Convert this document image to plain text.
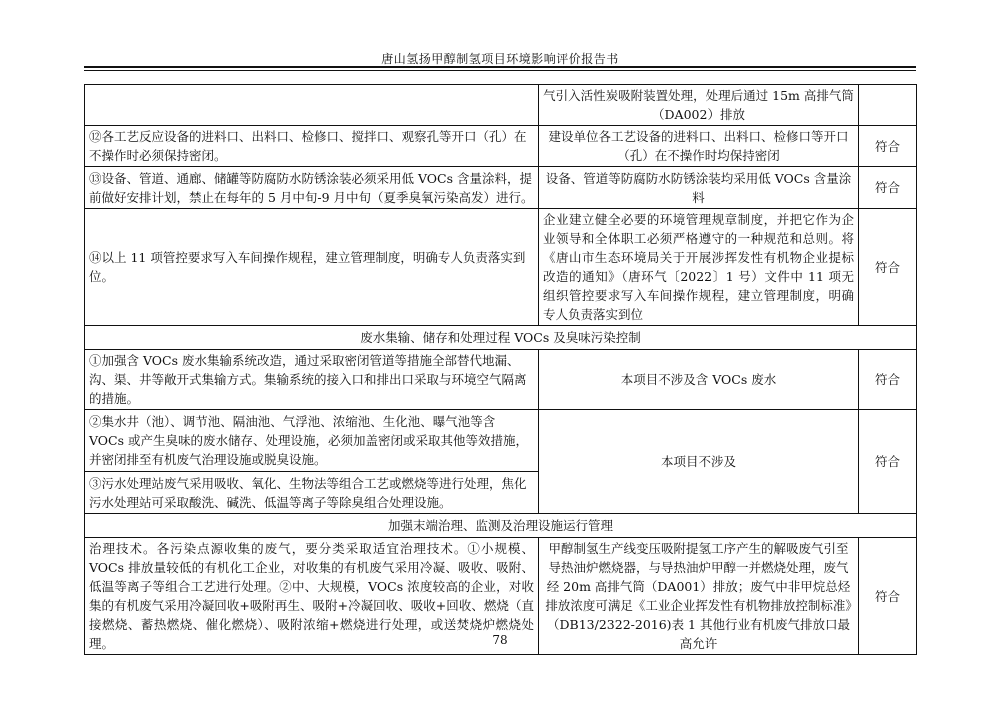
唐山氢扬甲醇制氢项目环境影响评价报告书
	气引入活性炭吸附装置处理，处理后通过 15m 高排气筒（DA002）排放	
⑫各工艺反应设备的进料口、出料口、检修口、搅拌口、观察孔等开口（孔）在不操作时必须保持密闭。	建设单位各工艺设备的进料口、出料口、检修口等开口（孔）在不操作时均保持密闭	符合
⑬设备、管道、通廊、储罐等防腐防水防锈涂装必须采用低 VOCs 含量涂料，提前做好安排计划，禁止在每年的 5 月中旬-9 月中旬（夏季臭氧污染高发）进行。	设备、管道等防腐防水防锈涂装均采用低 VOCs 含量涂料	符合
⑭以上 11 项管控要求写入车间操作规程，建立管理制度，明确专人负责落实到位。	企业建立健全必要的环境管理规章制度，并把它作为企业领导和全体职工必须严格遵守的一种规范和总则。将《唐山市生态环境局关于开展涉挥发性有机物企业提标改造的通知》（唐环气〔2022〕1 号）文件中 11 项无组织管控要求写入车间操作规程，建立管理制度，明确专人负责落实到位	符合
废水集输、储存和处理过程 VOCs 及臭味污染控制		
①加强含 VOCs 废水集输系统改造，通过采取密闭管道等措施全部替代地漏、沟、渠、井等敞开式集输方式。集输系统的接入口和排出口采取与环境空气隔离的措施。	本项目不涉及含 VOCs 废水	符合
②集水井（池）、调节池、隔油池、气浮池、浓缩池、生化池、曝气池等含 VOCs 或产生臭味的废水储存、处理设施，必须加盖密闭或采取其他等效措施，并密闭排至有机废气治理设施或脱臭设施。	本项目不涉及	符合
③污水处理站废气采用吸收、氧化、生物法等组合工艺或燃烧等进行处理，焦化污水处理站可采取酸洗、碱洗、低温等离子等除臭组合处理设施。		
加强末端治理、监测及治理设施运行管理		
治理技术。各污染点源收集的废气，要分类采取适宜治理技术。①小规模、VOCs 排放量较低的有机化工企业，对收集的有机废气采用冷凝、吸收、吸附、低温等离子等组合工艺进行处理。②中、大规模，VOCs 浓度较高的企业，对收集的有机废气采用冷凝回收+吸附再生、吸附+冷凝回收、吸收+回收、燃烧（直接燃烧、蓄热燃烧、催化燃烧）、吸附浓缩+燃烧进行处理，或送焚烧炉燃烧处理。	甲醇制氢生产线变压吸附提氢工序产生的解吸废气引至导热油炉燃烧器，与导热油炉甲醇一并燃烧处理，废气经 20m 高排气筒（DA001）排放；废气中非甲烷总烃排放浓度可满足《工业企业挥发性有机物排放控制标准》（DB13/2322-2016)表 1 其他行业有机废气排放口最高允许	符合
78
